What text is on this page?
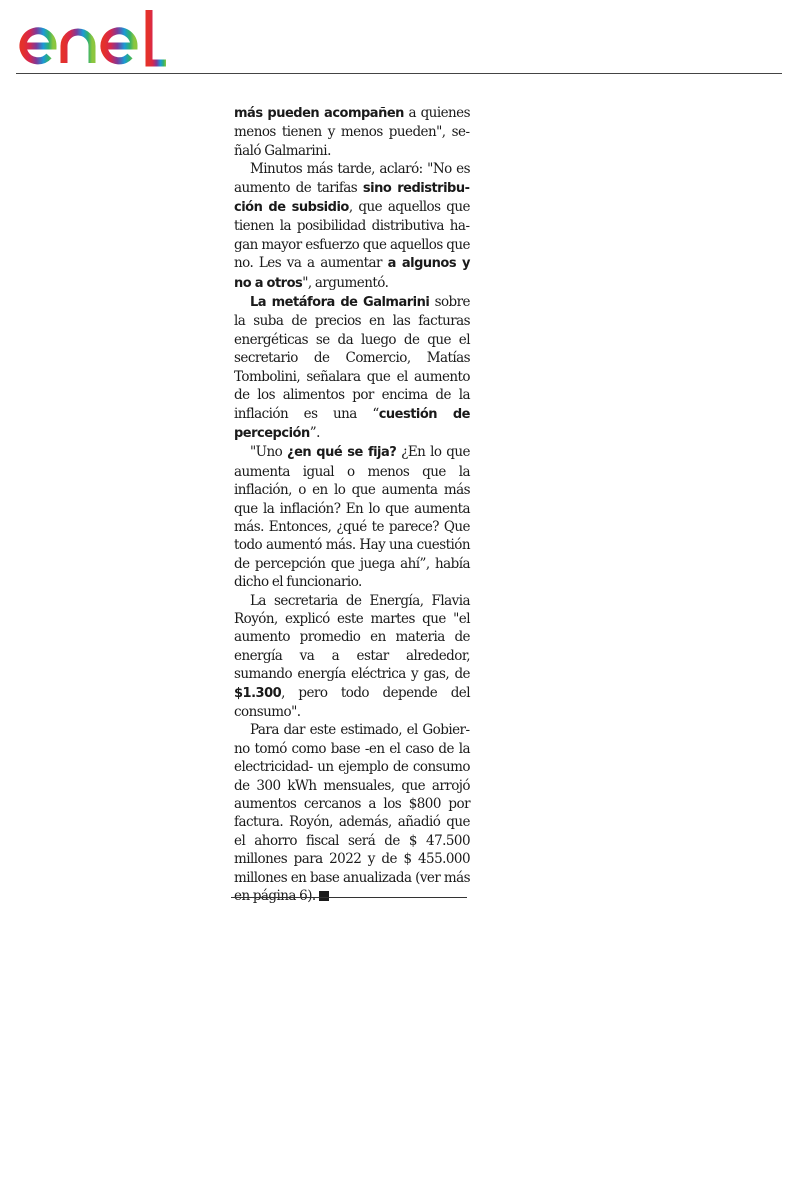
más pueden acompañen a quienes menos tienen y menos pueden", señaló Galmarini.

Minutos más tarde, aclaró: "No es aumento de tarifas sino redistribución de subsidio, que aquellos que tienen la posibilidad distributiva hagan mayor esfuerzo que aquellos que no. Les va a aumentar a algunos y no a otros", argumentó.

La metáfora de Galmarini sobre la suba de precios en las facturas energéticas se da luego de que el secretario de Comercio, Matías Tombolini, señalara que el aumento de los alimentos por encima de la inflación es una “cuestión de percepción”.

"Uno ¿en qué se fija? ¿En lo que aumenta igual o menos que la inflación, o en lo que aumenta más que la inflación? En lo que aumenta más. Entonces, ¿qué te parece? Que todo aumentó más. Hay una cuestión de percepción que juega ahí”, había dicho el funcionario.

La secretaria de Energía, Flavia Royón, explicó este martes que "el aumento promedio en materia de energía va a estar alrededor, sumando energía eléctrica y gas, de $1.300, pero todo depende del consumo".

Para dar este estimado, el Gobierno tomó como base -en el caso de la electricidad- un ejemplo de consumo de 300 kWh mensuales, que arrojó aumentos cercanos a los $800 por factura. Royón, además, añadió que el ahorro fiscal será de $ 47.500 millones para 2022 y de $ 455.000 millones en base anualizada (ver más en página 6).
